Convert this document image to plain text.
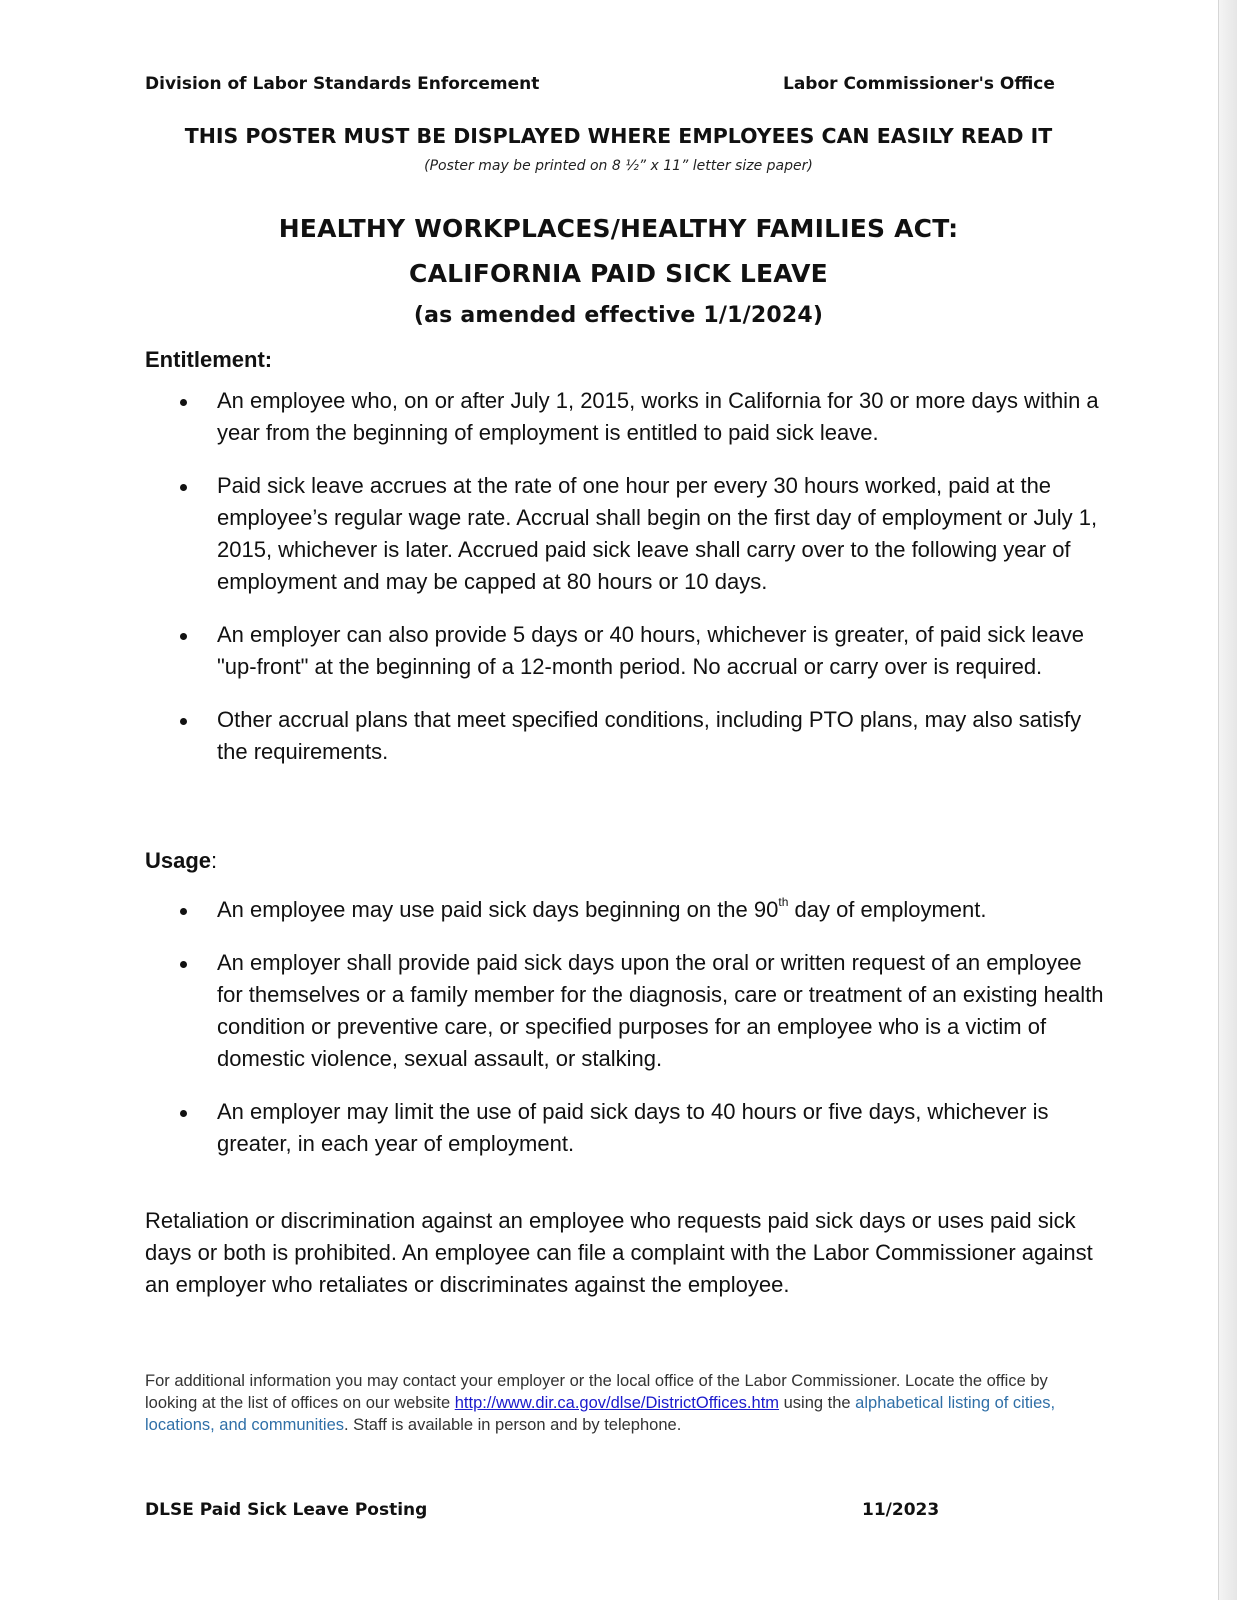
Division of Labor Standards Enforcement	Labor Commissioner's Office
THIS POSTER MUST BE DISPLAYED WHERE EMPLOYEES CAN EASILY READ IT
(Poster may be printed on 8 ½” x 11” letter size paper)
HEALTHY WORKPLACES/HEALTHY FAMILIES ACT:
CALIFORNIA PAID SICK LEAVE
(as amended effective 1/1/2024)
Entitlement:
An employee who, on or after July 1, 2015, works in California for 30 or more days within a year from the beginning of employment is entitled to paid sick leave.
Paid sick leave accrues at the rate of one hour per every 30 hours worked, paid at the employee’s regular wage rate. Accrual shall begin on the first day of employment or July 1, 2015, whichever is later. Accrued paid sick leave shall carry over to the following year of employment and may be capped at 80 hours or 10 days.
An employer can also provide 5 days or 40 hours, whichever is greater, of paid sick leave "up-front" at the beginning of a 12-month period. No accrual or carry over is required.
Other accrual plans that meet specified conditions, including PTO plans, may also satisfy the requirements.
Usage:
An employee may use paid sick days beginning on the 90th day of employment.
An employer shall provide paid sick days upon the oral or written request of an employee for themselves or a family member for the diagnosis, care or treatment of an existing health condition or preventive care, or specified purposes for an employee who is a victim of domestic violence, sexual assault, or stalking.
An employer may limit the use of paid sick days to 40 hours or five days, whichever is greater, in each year of employment.

Retaliation or discrimination against an employee who requests paid sick days or uses paid sick days or both is prohibited. An employee can file a complaint with the Labor Commissioner against an employer who retaliates or discriminates against the employee.

For additional information you may contact your employer or the local office of the Labor Commissioner. Locate the office by looking at the list of offices on our website http://www.dir.ca.gov/dlse/DistrictOffices.htm using the alphabetical listing of cities, locations, and communities. Staff is available in person and by telephone.

DLSE Paid Sick Leave Posting	11/2023
